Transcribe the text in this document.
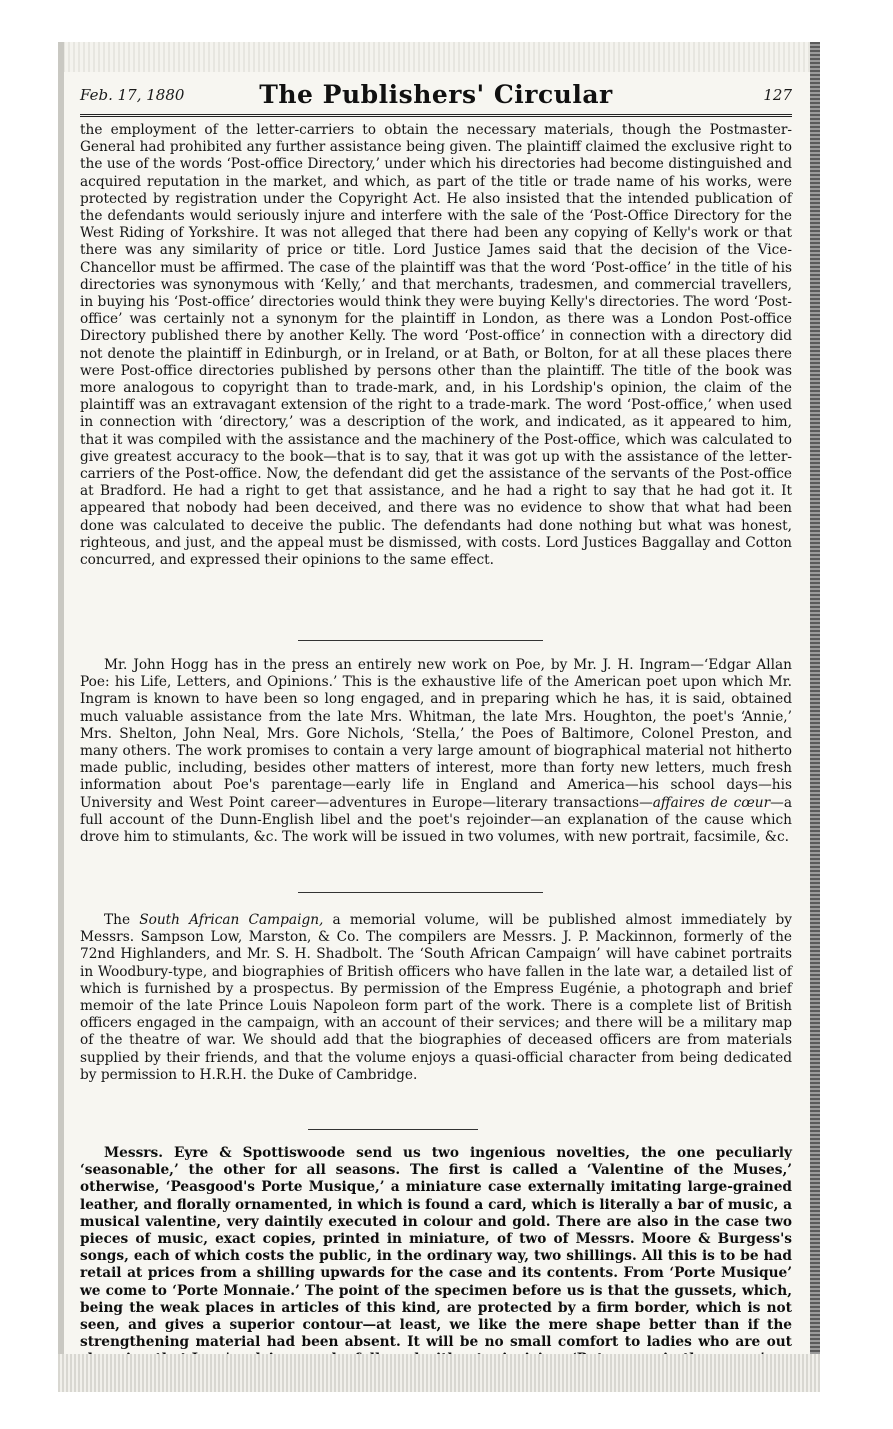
Feb. 17, 1880	The Publishers' Circular	127

the employment of the letter-carriers to obtain the necessary materials, though the Postmaster-General had prohibited any further assistance being given. The plaintiff claimed the exclusive right to the use of the words ‘Post-office Directory,’ under which his directories had become distinguished and acquired reputation in the market, and which, as part of the title or trade name of his works, were protected by registration under the Copyright Act. He also insisted that the intended publication of the defendants would seriously injure and interfere with the sale of the ‘Post-Office Directory for the West Riding of Yorkshire. It was not alleged that there had been any copying of Kelly's work or that there was any similarity of price or title. Lord Justice James said that the decision of the Vice-Chancellor must be affirmed. The case of the plaintiff was that the word ‘Post-office’ in the title of his directories was synonymous with ‘Kelly,’ and that merchants, tradesmen, and commercial travellers, in buying his ‘Post-office’ directories would think they were buying Kelly's directories. The word ‘Post-office’ was certainly not a synonym for the plaintiff in London, as there was a London Post-office Directory published there by another Kelly. The word ‘Post-office’ in connection with a directory did not denote the plaintiff in Edinburgh, or in Ireland, or at Bath, or Bolton, for at all these places there were Post-office directories published by persons other than the plaintiff. The title of the book was more analogous to copyright than to trade-mark, and, in his Lordship's opinion, the claim of the plaintiff was an extravagant extension of the right to a trade-mark. The word ‘Post-office,’ when used in connection with ‘directory,’ was a description of the work, and indicated, as it appeared to him, that it was compiled with the assistance and the machinery of the Post-office, which was calculated to give greatest accuracy to the book—that is to say, that it was got up with the assistance of the letter-carriers of the Post-office. Now, the defendant did get the assistance of the servants of the Post-office at Bradford. He had a right to get that assistance, and he had a right to say that he had got it. It appeared that nobody had been deceived, and there was no evidence to show that what had been done was calculated to deceive the public. The defendants had done nothing but what was honest, righteous, and just, and the appeal must be dismissed, with costs. Lord Justices Baggallay and Cotton concurred, and expressed their opinions to the same effect.

Mr. John Hogg has in the press an entirely new work on Poe, by Mr. J. H. Ingram—‘Edgar Allan Poe: his Life, Letters, and Opinions.’ This is the exhaustive life of the American poet upon which Mr. Ingram is known to have been so long engaged, and in preparing which he has, it is said, obtained much valuable assistance from the late Mrs. Whitman, the late Mrs. Houghton, the poet's ‘Annie,’ Mrs. Shelton, John Neal, Mrs. Gore Nichols, ‘Stella,’ the Poes of Baltimore, Colonel Preston, and many others. The work promises to contain a very large amount of biographical material not hitherto made public, including, besides other matters of interest, more than forty new letters, much fresh information about Poe's parentage—early life in England and America—his school days—his University and West Point career—adventures in Europe—literary transactions—affaires de cœur—a full account of the Dunn-English libel and the poet's rejoinder—an explanation of the cause which drove him to stimulants, &c. The work will be issued in two volumes, with new portrait, facsimile, &c.

The South African Campaign, a memorial volume, will be published almost immediately by Messrs. Sampson Low, Marston, & Co. The compilers are Messrs. J. P. Mackinnon, formerly of the 72nd Highlanders, and Mr. S. H. Shadbolt. The ‘South African Campaign’ will have cabinet portraits in Woodbury-type, and biographies of British officers who have fallen in the late war, a detailed list of which is furnished by a prospectus. By permission of the Empress Eugénie, a photograph and brief memoir of the late Prince Louis Napoleon form part of the work. There is a complete list of British officers engaged in the campaign, with an account of their services; and there will be a military map of the theatre of war. We should add that the biographies of deceased officers are from materials supplied by their friends, and that the volume enjoys a quasi-official character from being dedicated by permission to H.R.H. the Duke of Cambridge.

Messrs. Eyre & Spottiswoode send us two ingenious novelties, the one peculiarly ‘seasonable,’ the other for all seasons. The first is called a ‘Valentine of the Muses,’ otherwise, ‘Peasgood's Porte Musique,’ a miniature case externally imitating large-grained leather, and florally ornamented, in which is found a card, which is literally a bar of music, a musical valentine, very daintily executed in colour and gold. There are also in the case two pieces of music, exact copies, printed in miniature, of two of Messrs. Moore & Burgess's songs, each of which costs the public, in the ordinary way, two shillings. All this is to be had retail at prices from a shilling upwards for the case and its contents. From ‘Porte Musique’ we come to ‘Porte Monnaie.’ The point of the specimen before us is that the gussets, which, being the weak places in articles of this kind, are protected by a firm border, which is not seen, and gives a superior contour—at least, we like the mere shape better than if the strengthening material had been absent. It will be no small comfort to ladies who are out
